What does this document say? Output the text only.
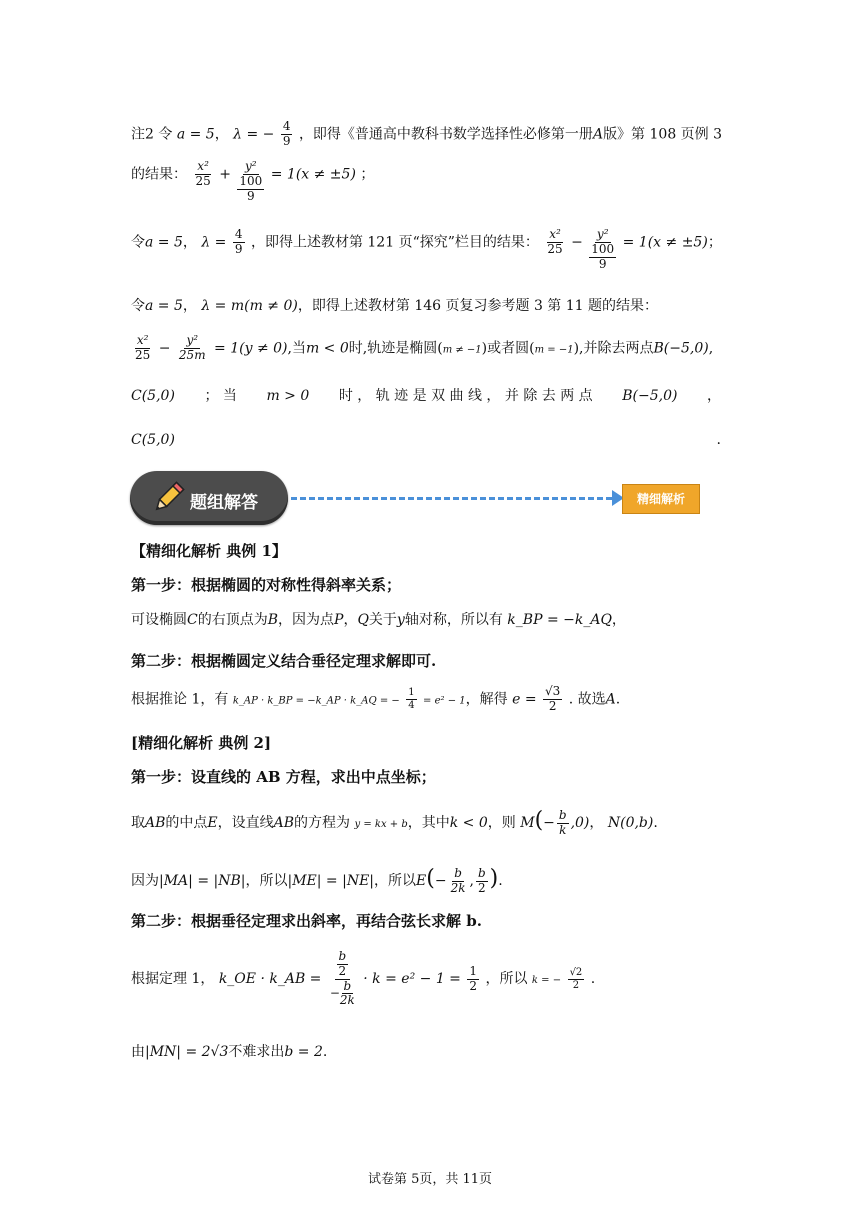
注2 令 a = 5， λ = − $\frac{4}{9}$ ，即得《普通高中教科书数学选择性必修第一册A版》第 108 页例 3
的结果： $\frac{\text{x²}}{25}$ +
y²
100
9
= 1(x ≠ ±5) ；
令a = 5， $\lambda = \frac{4}{9}$ ，即得上述教材第 121 页“探究”栏目的结果： $\frac{\text{x²}}{25}$ −
y²
100
9
= 1(x ≠ ±5)；
令a = 5， λ = m(m ≠ 0)，即得上述教材第 146 页复习参考题 3 第 11 题的结果：
$\frac{\text{x²}}{25} - \frac{\text{y²}}{25m} = 1(y \ne 0)$,当m < 0时,轨迹是椭圆(m ≠ −1)或者圆(m = −1),并除去两点B(−5,0),
C(5,0) ； 当 m > 0 时 ， 轨 迹 是 双 曲 线 ， 并 除 去 两 点 B(−5,0) ，
C(5,0)	.
题组解答	精细解析
【精细化解析 典例 1】
第一步：根据椭圆的对称性得斜率关系；
可设椭圆C的右顶点为B，因为点P，Q关于y轴对称，所以有 k_BP = −k_AQ，
第二步：根据椭圆定义结合垂径定理求解即可.
根据推论 1，有 k_AP · k_BP = −k_AP · k_AQ = − $\frac{1}{4} = e^2 - 1$，解得 $e = \frac{√3}{2}$ . 故选A.
[精细化解析 典例 2]
第一步：设直线的 AB 方程，求出中点坐标；
取AB的中点E，设直线AB的方程为 y = kx + b，其中k < 0，则 $M(- \frac{b}{k} ,0)$， N(0,b).
因为|MA| = |NB|，所以|ME| = |NE|，所以$E(- \frac{b}{2k}$ , $\frac{b}{2}$ ).
第二步：根据垂径定理求出斜率，再结合弦长求解 b.
根据定理 1， k_OE · k_AB = $\frac{\frac{b}{2}}{- \frac{b}{2k}} \cdot k = e^2 - 1 = \frac{1}{2}$ ，所以 k = − $\frac{√2}{2}$ .
由|MN| = 2√3不难求出b = 2.
试卷第 5页，共 11页
